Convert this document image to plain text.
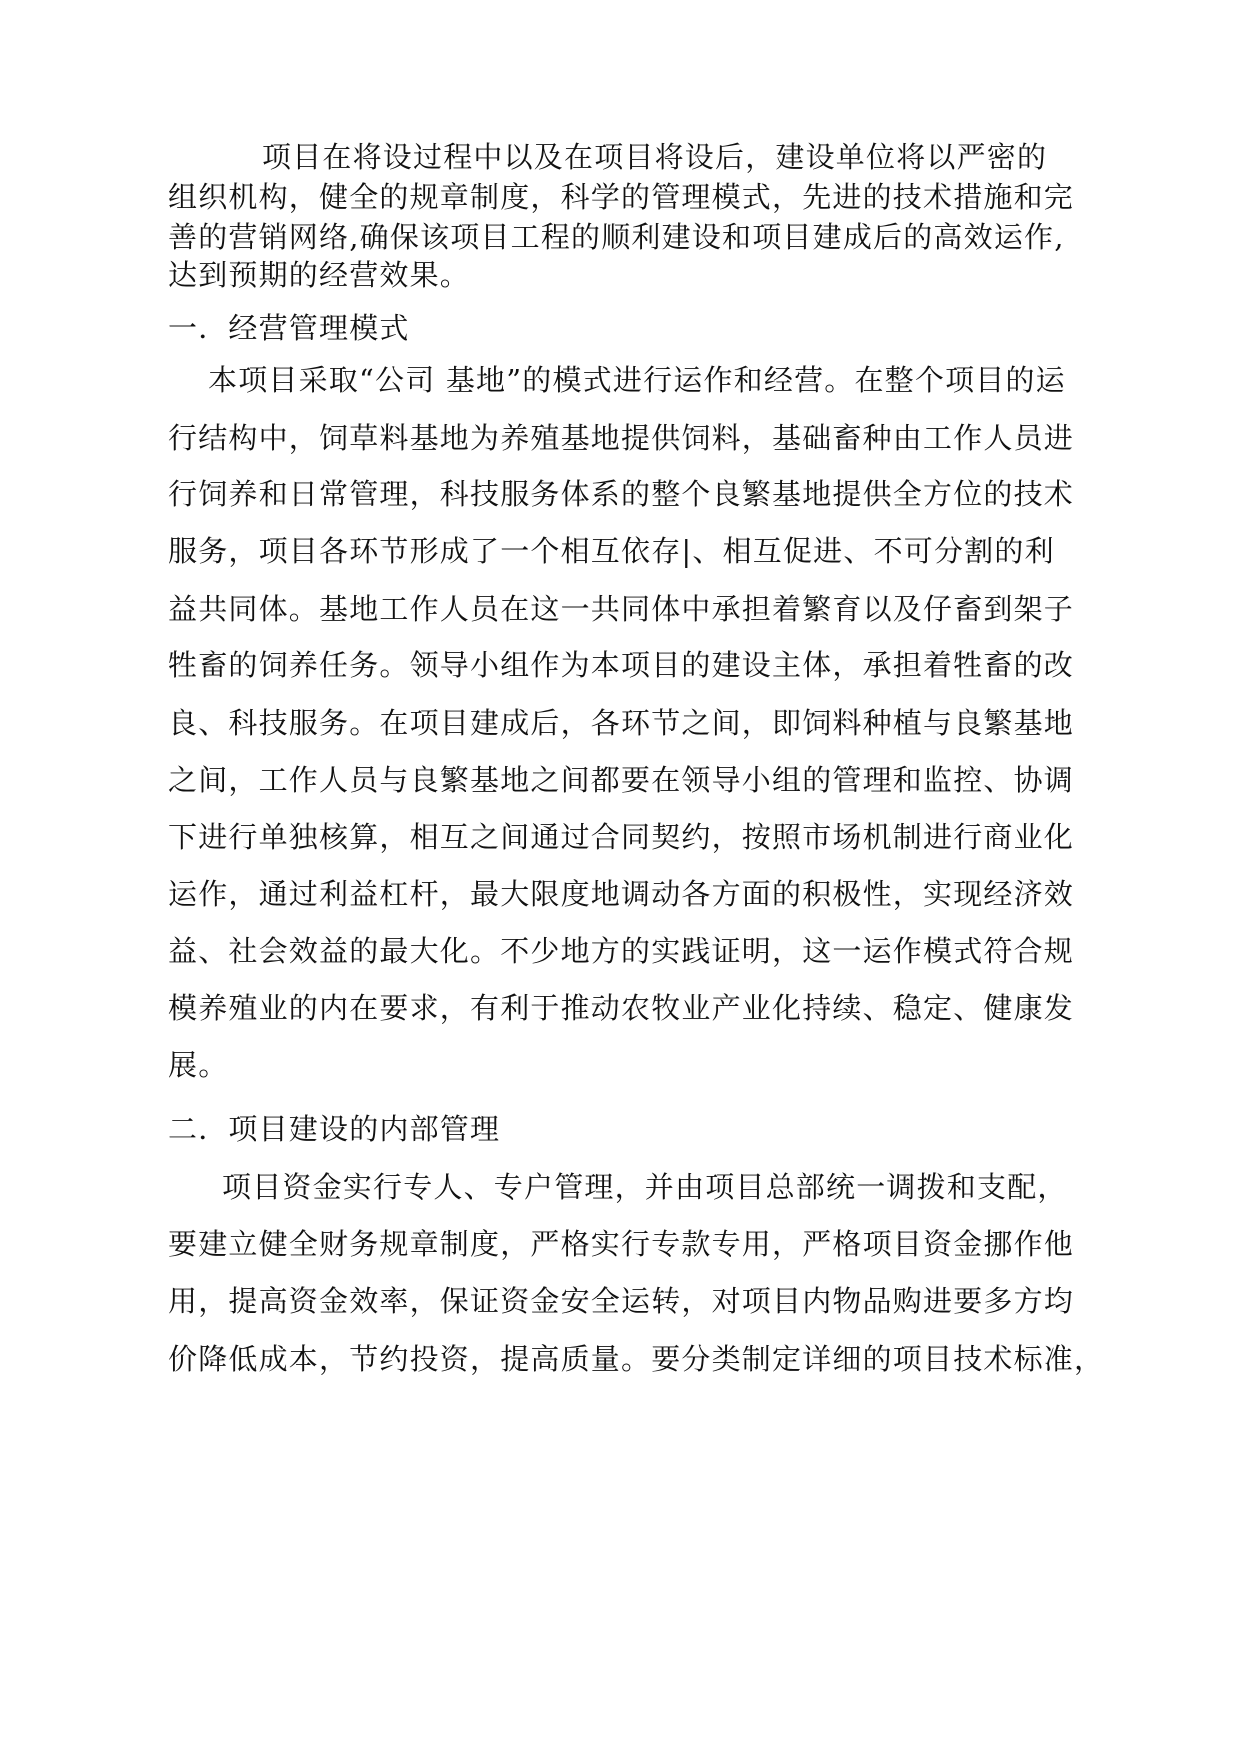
项目在将设过程中以及在项目将设后，建设单位将以严密的
组织机构，健全的规章制度，科学的管理模式，先进的技术措施和完
善的营销网络,确保该项目工程的顺利建设和项目建成后的高效运作,
达到预期的经营效果。
一．经营管理模式
本项目采取“公司 基地”的模式进行运作和经营。在整个项目的运
行结构中，饲草料基地为养殖基地提供饲料，基础畜种由工作人员进
行饲养和日常管理，科技服务体系的整个良繁基地提供全方位的技术
服务，项目各环节形成了一个相互依存|、相互促进、不可分割的利
益共同体。基地工作人员在这一共同体中承担着繁育以及仔畜到架子
牲畜的饲养任务。领导小组作为本项目的建设主体，承担着牲畜的改
良、科技服务。在项目建成后，各环节之间，即饲料种植与良繁基地
之间，工作人员与良繁基地之间都要在领导小组的管理和监控、协调
下进行单独核算，相互之间通过合同契约，按照市场机制进行商业化
运作，通过利益杠杆，最大限度地调动各方面的积极性，实现经济效
益、社会效益的最大化。不少地方的实践证明，这一运作模式符合规
模养殖业的内在要求，有利于推动农牧业产业化持续、稳定、健康发
展。
二．项目建设的内部管理
项目资金实行专人、专户管理，并由项目总部统一调拨和支配，
要建立健全财务规章制度，严格实行专款专用，严格项目资金挪作他
用，提高资金效率，保证资金安全运转，对项目内物品购进要多方均
价降低成本，节约投资，提高质量。要分类制定详细的项目技术标准，
